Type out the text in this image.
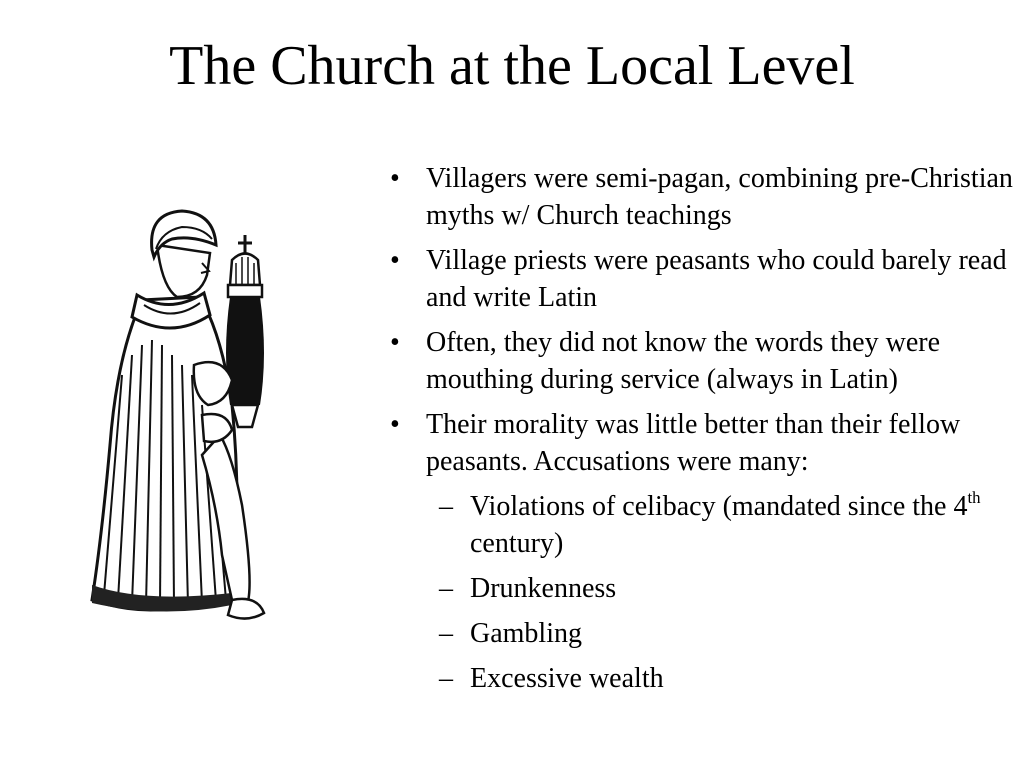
The Church at the Local Level
• Villagers were semi-pagan, combining pre-Christian myths w/ Church teachings
• Village priests were peasants who could barely read and write Latin
• Often, they did not know the words they were mouthing during service (always in Latin)
• Their morality was little better than their fellow peasants. Accusations were many:
– Violations of celibacy (mandated since the 4th century)
– Drunkenness
– Gambling
– Excessive wealth
